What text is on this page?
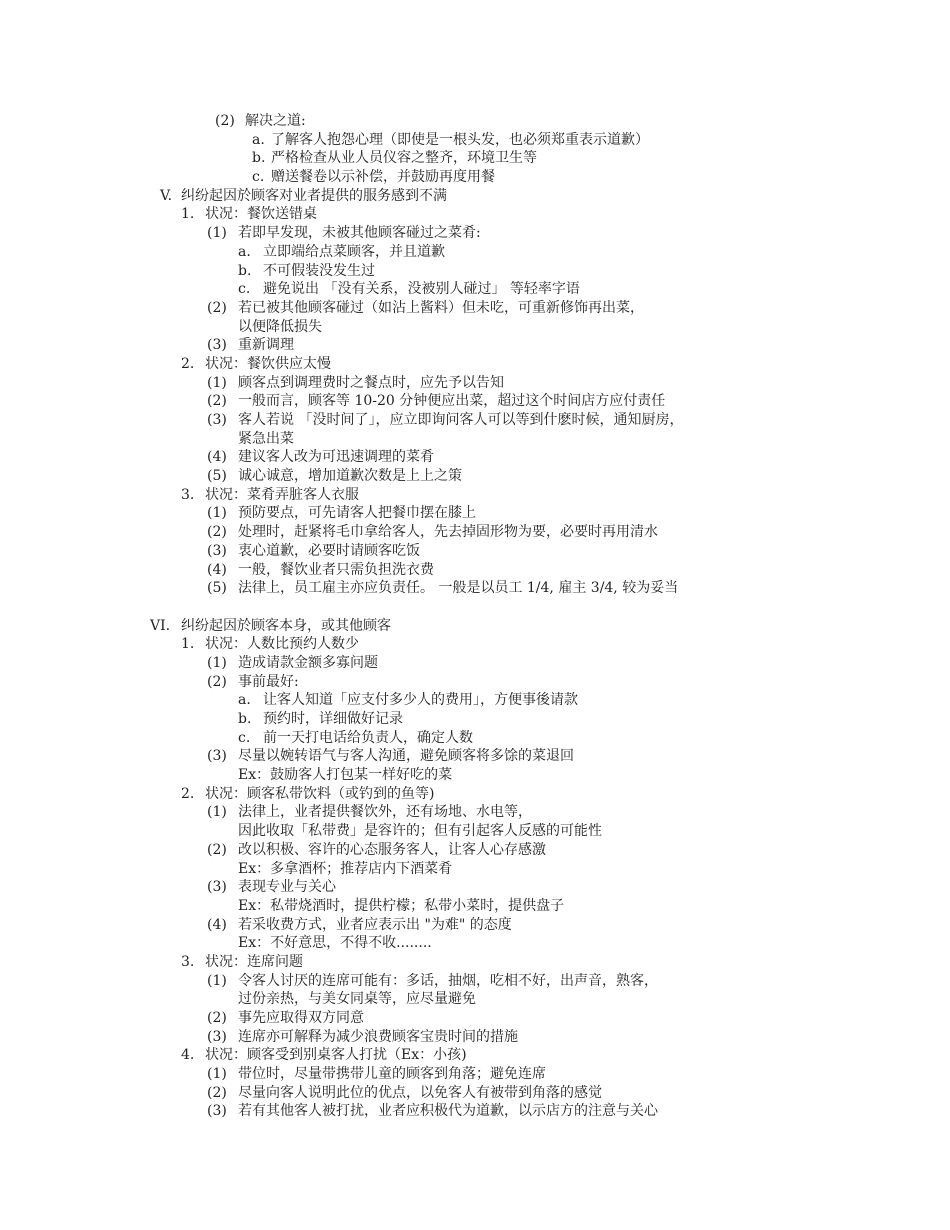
(2) 解决之道:
a. 了解客人抱怨心理（即使是一根头发，也必须郑重表示道歉）
b. 严格检查从业人员仪容之整齐，环境卫生等
c. 赠送餐卷以示补偿，并鼓励再度用餐
V. 纠纷起因於顾客对业者提供的服务感到不满
1. 状况：餐饮送错桌
(1) 若即早发现，未被其他顾客碰过之菜肴:
a. 立即端给点菜顾客，并且道歉
b. 不可假装没发生过
c. 避免说出 「没有关系，没被别人碰过」 等轻率字语
(2) 若已被其他顾客碰过（如沾上酱料）但未吃，可重新修饰再出菜，
以便降低损失
(3) 重新调理
2. 状况：餐饮供应太慢
(1) 顾客点到调理费时之餐点时，应先予以告知
(2) 一般而言，顾客等 10-20 分钟便应出菜，超过这个时间店方应付责任
(3) 客人若说 「没时间了」，应立即询问客人可以等到什麽时候，通知厨房，
紧急出菜
(4) 建议客人改为可迅速调理的菜肴
(5) 诚心诚意，增加道歉次数是上上之策
3. 状况：菜肴弄脏客人衣服
(1) 预防要点，可先请客人把餐巾摆在膝上
(2) 处理时，赶紧将毛巾拿给客人，先去掉固形物为要，必要时再用清水
(3) 衷心道歉，必要时请顾客吃饭
(4) 一般，餐饮业者只需负担洗衣费
(5) 法律上，员工雇主亦应负责任。 一般是以员工 1/4, 雇主 3/4, 较为妥当
VI. 纠纷起因於顾客本身，或其他顾客
1. 状况：人数比预约人数少
(1) 造成请款金额多寡问题
(2) 事前最好:
a. 让客人知道「应支付多少人的费用」，方便事後请款
b. 预约时，详细做好记录
c. 前一天打电话给负责人，确定人数
(3) 尽量以婉转语气与客人沟通，避免顾客将多馀的菜退回
Ex：鼓励客人打包某一样好吃的菜
2. 状况：顾客私带饮料（或钓到的鱼等)
(1) 法律上，业者提供餐饮外，还有场地、水电等，
因此收取「私带费」是容许的；但有引起客人反感的可能性
(2) 改以积极、容许的心态服务客人，让客人心存感激
Ex：多拿酒杯；推荐店内下酒菜肴
(3) 表现专业与关心
Ex：私带烧酒时，提供柠檬；私带小菜时，提供盘子
(4) 若采收费方式，业者应表示出 "为难" 的态度
Ex：不好意思，不得不收........
3. 状况：连席问题
(1) 令客人讨厌的连席可能有：多话，抽烟，吃相不好，出声音，熟客，
过份亲热，与美女同桌等，应尽量避免
(2) 事先应取得双方同意
(3) 连席亦可解释为减少浪费顾客宝贵时间的措施
4. 状况：顾客受到别桌客人打扰（Ex：小孩)
(1) 带位时，尽量带携带儿童的顾客到角落；避免连席
(2) 尽量向客人说明此位的优点，以免客人有被带到角落的感觉
(3) 若有其他客人被打扰，业者应积极代为道歉，以示店方的注意与关心
